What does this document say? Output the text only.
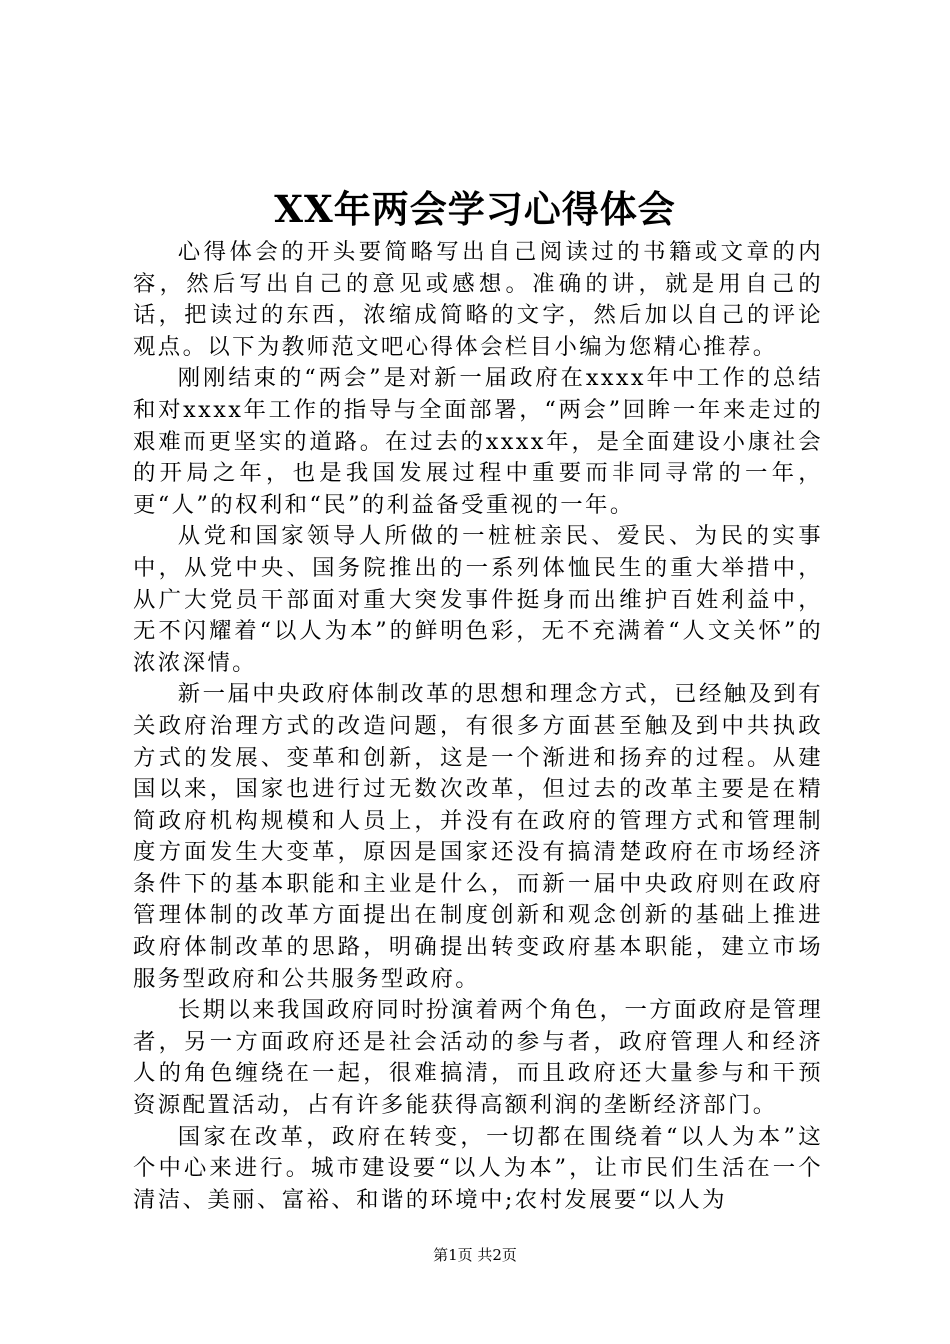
XX年两会学习心得体会

心得体会的开头要简略写出自己阅读过的书籍或文章的内容，然后写出自己的意见或感想。准确的讲，就是用自己的话，把读过的东西，浓缩成简略的文字，然后加以自己的评论观点。以下为教师范文吧心得体会栏目小编为您精心推荐。

刚刚结束的“两会”是对新一届政府在xxxx年中工作的总结和对xxxx年工作的指导与全面部署，“两会”回眸一年来走过的艰难而更坚实的道路。在过去的xxxx年，是全面建设小康社会的开局之年，也是我国发展过程中重要而非同寻常的一年，更“人”的权利和“民”的利益备受重视的一年。

从党和国家领导人所做的一桩桩亲民、爱民、为民的实事中，从党中央、国务院推出的一系列体恤民生的重大举措中，从广大党员干部面对重大突发事件挺身而出维护百姓利益中，无不闪耀着“以人为本”的鲜明色彩，无不充满着“人文关怀”的浓浓深情。

新一届中央政府体制改革的思想和理念方式，已经触及到有关政府治理方式的改造问题，有很多方面甚至触及到中共执政方式的发展、变革和创新，这是一个渐进和扬弃的过程。从建国以来，国家也进行过无数次改革，但过去的改革主要是在精简政府机构规模和人员上，并没有在政府的管理方式和管理制度方面发生大变革，原因是国家还没有搞清楚政府在市场经济条件下的基本职能和主业是什么，而新一届中央政府则在政府管理体制的改革方面提出在制度创新和观念创新的基础上推进政府体制改革的思路，明确提出转变政府基本职能，建立市场服务型政府和公共服务型政府。

长期以来我国政府同时扮演着两个角色，一方面政府是管理者，另一方面政府还是社会活动的参与者，政府管理人和经济人的角色缠绕在一起，很难搞清，而且政府还大量参与和干预资源配置活动，占有许多能获得高额利润的垄断经济部门。

国家在改革，政府在转变，一切都在围绕着“以人为本”这个中心来进行。城市建设要“以人为本”，让市民们生活在一个清洁、美丽、富裕、和谐的环境中;农村发展要“以人为

第1页 共2页
